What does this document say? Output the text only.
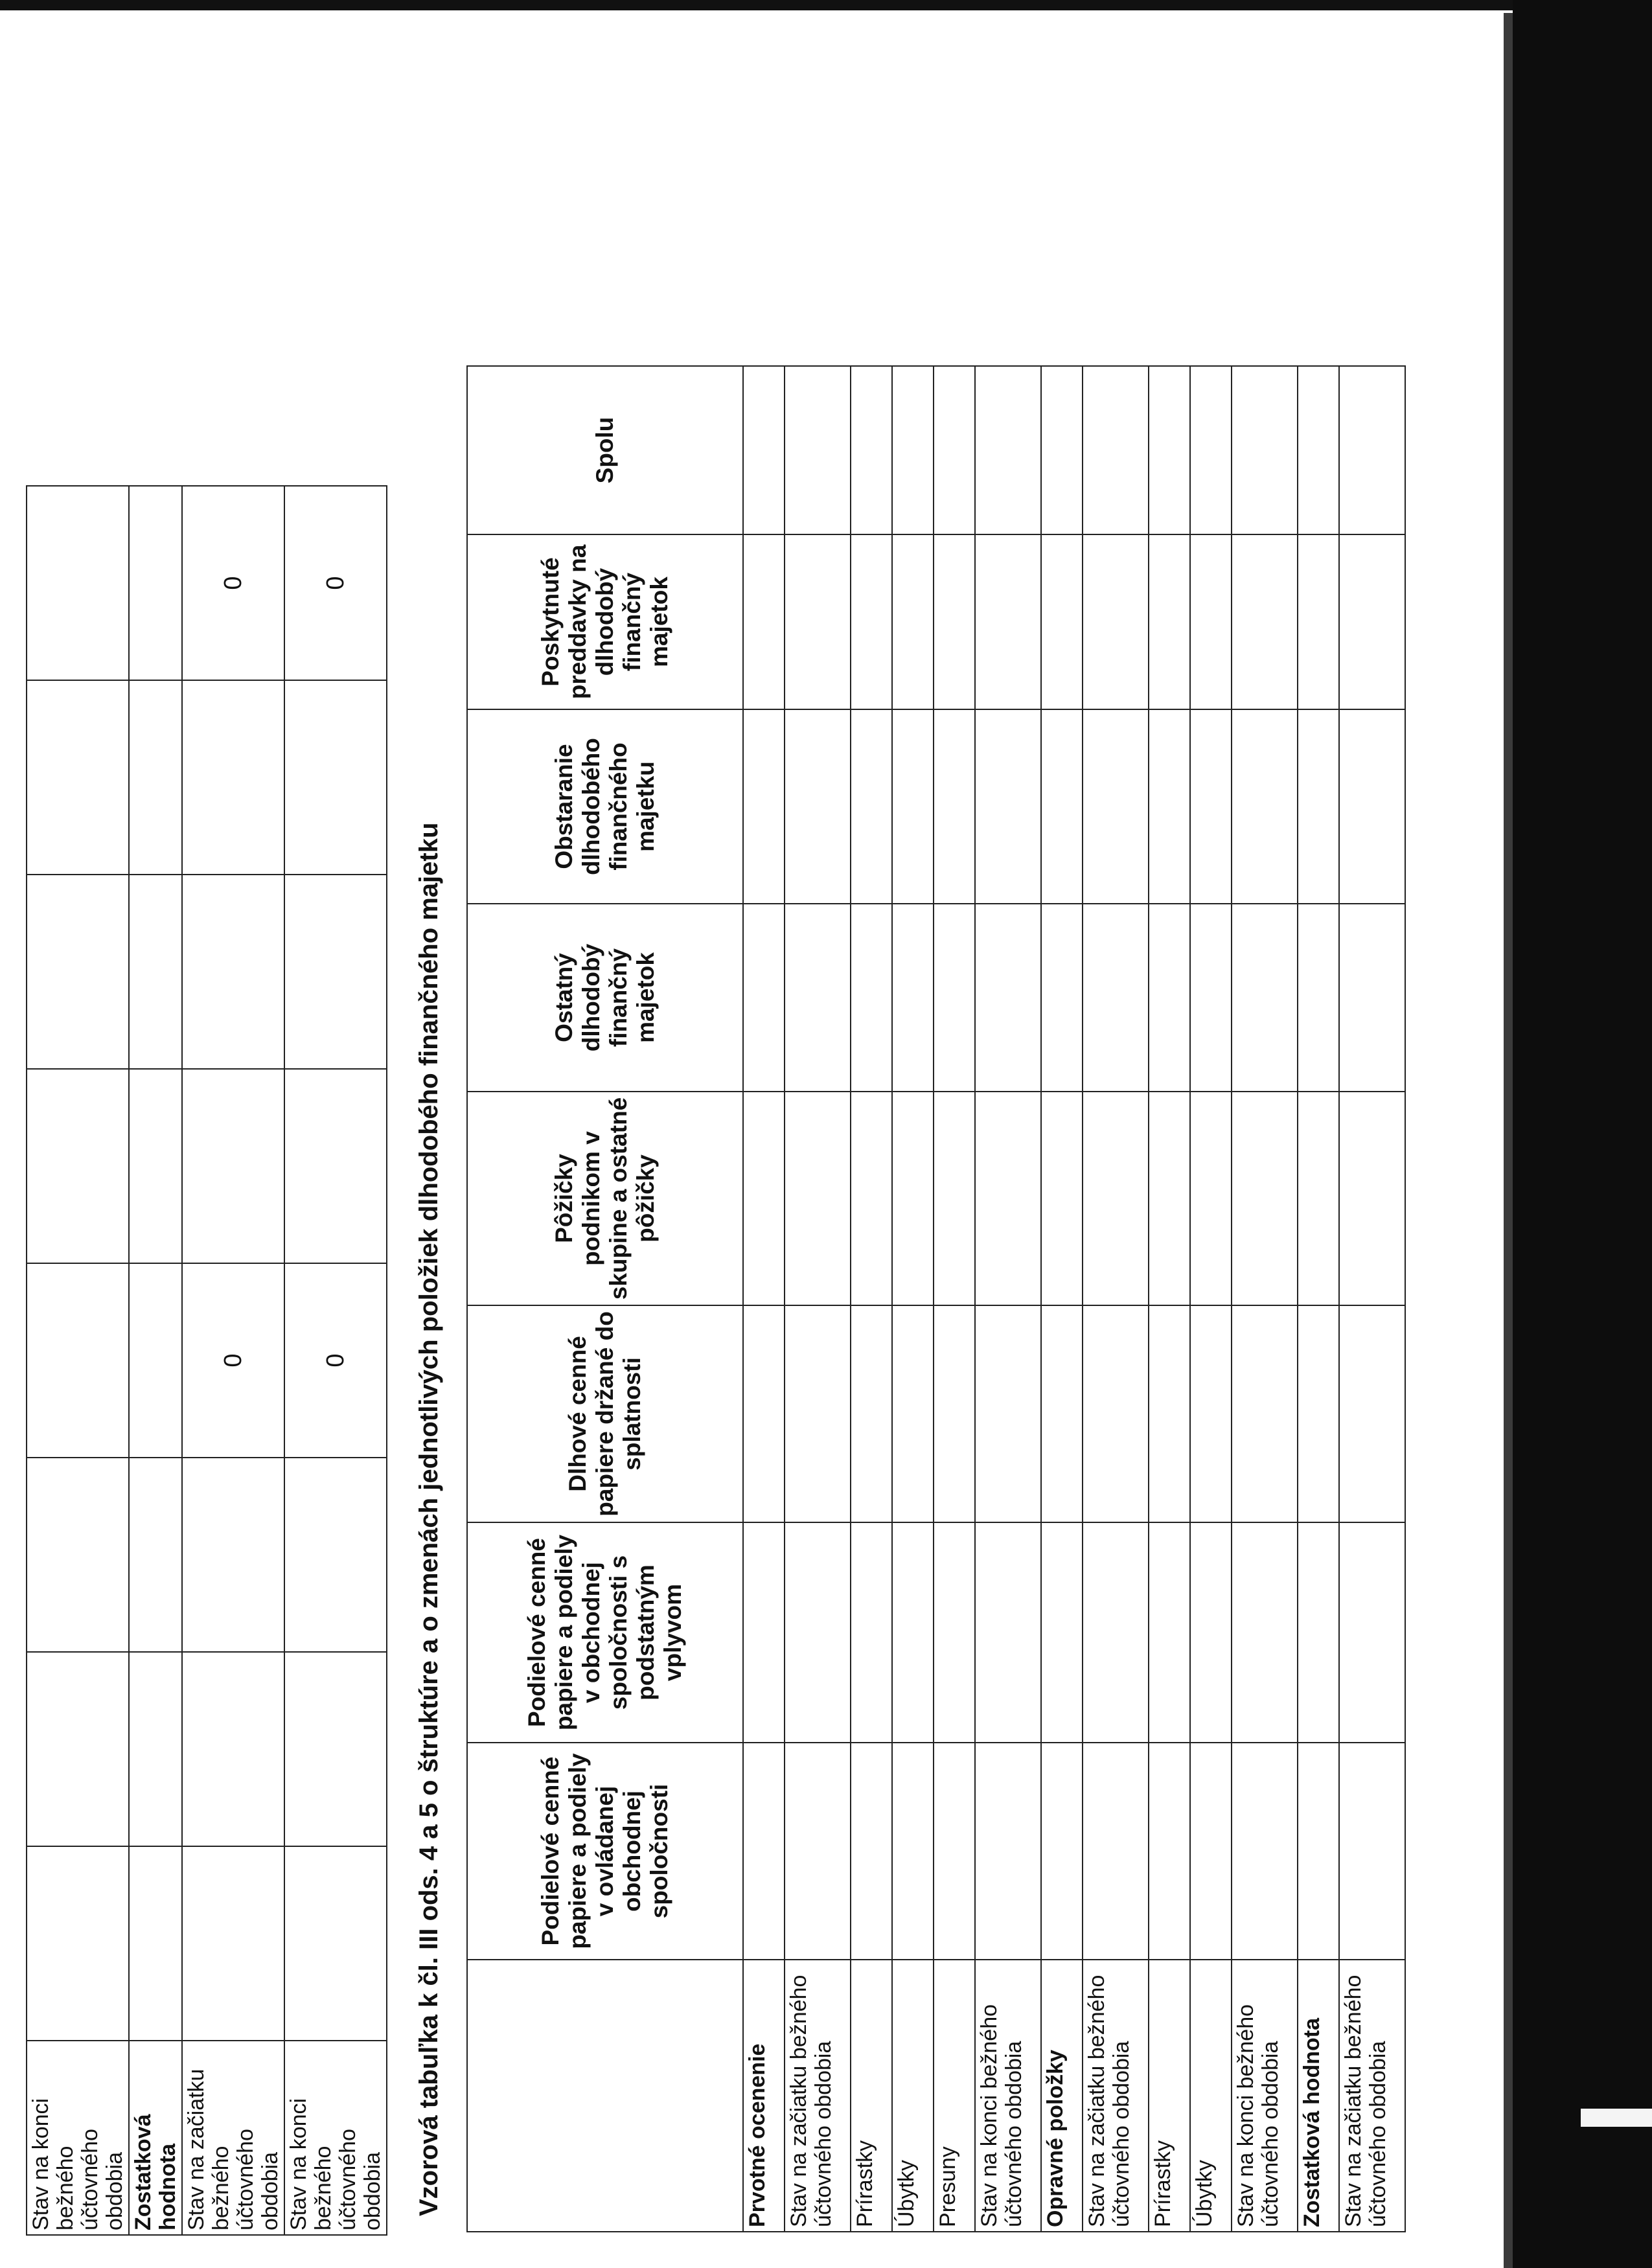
Stav na konci bežného účtovného obdobia								
Zostatková hodnota								
Stav na začiatku bežného účtovného obdobia				0				0
Stav na konci bežného účtovného obdobia				0				0
Vzorová tabuľka k čl. III ods. 4 a 5 o štruktúre a o zmenách jednotlivých položiek dlhodobého finančného majetku
		Podielové cenné papiere a podiely v ovládanej obchodnej spoločnosti	Podielové cenné papiere a podiely v obchodnej spoločnosti s podstatným vplyvom	Dlhové cenné papiere držané do splatnosti	Pôžičky podnikom v skupine a ostatné pôžičky	Ostatný dlhodobý finančný majetok	Obstaranie dlhodobého finančného majetku	Poskytnuté preddavky na dlhodobý finančný majetok	Spolu
Prvotné ocenenie								
Stav na začiatku bežného účtovného obdobia								
Prírastky								
Úbytky								
Presuny								
Stav na konci bežného účtovného obdobia								
Opravné položky								
Stav na začiatku bežného účtovného obdobia								
Prírastky								
Úbytky								
Stav na konci bežného účtovného obdobia								
Zostatková hodnota								
Stav na začiatku bežného účtovného obdobia								
